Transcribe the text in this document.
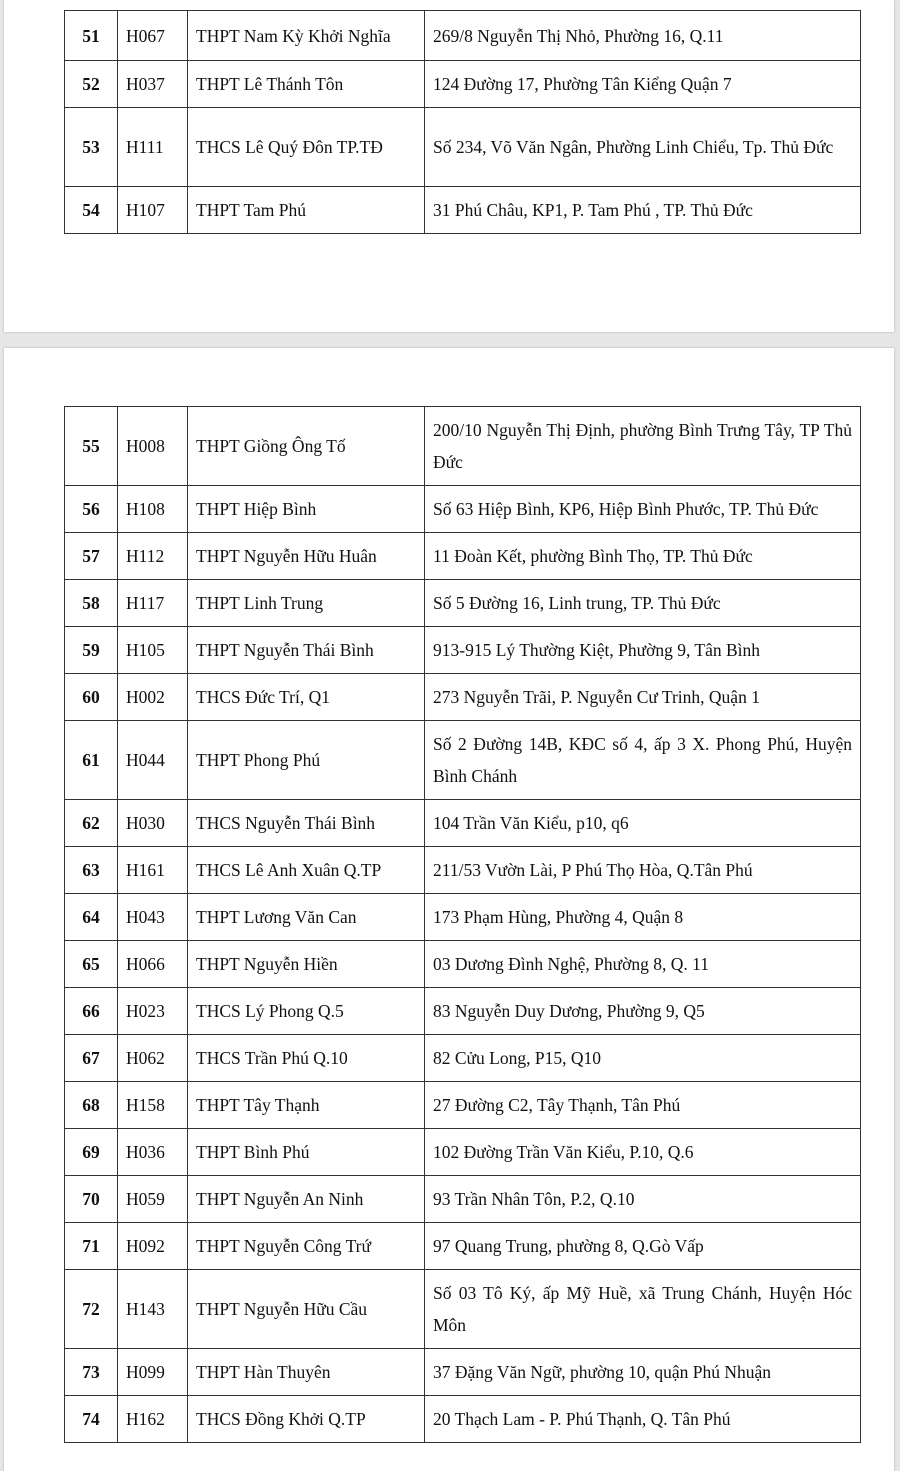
51	H067	THPT Nam Kỳ Khởi Nghĩa	269/8 Nguyễn Thị Nhỏ, Phường 16, Q.11
52	H037	THPT Lê Thánh Tôn	124 Đường 17, Phường Tân Kiểng Quận 7
53	H111	THCS Lê Quý Đôn TP.TĐ	Số 234, Võ Văn Ngân, Phường Linh Chiểu, Tp. Thủ Đức
54	H107	THPT Tam Phú	31 Phú Châu, KP1, P. Tam Phú , TP. Thủ Đức
55	H008	THPT Giồng Ông Tố	200/10 Nguyễn Thị Định, phường Bình Trưng Tây, TP Thủ Đức
56	H108	THPT Hiệp Bình	Số 63 Hiệp Bình, KP6, Hiệp Bình Phước, TP. Thủ Đức
57	H112	THPT Nguyễn Hữu Huân	11 Đoàn Kết, phường Bình Thọ, TP. Thủ Đức
58	H117	THPT Linh Trung	Số 5 Đường 16, Linh trung, TP. Thủ Đức
59	H105	THPT Nguyễn Thái Bình	913-915 Lý Thường Kiệt, Phường 9, Tân Bình
60	H002	THCS Đức Trí, Q1	273 Nguyễn Trãi, P. Nguyễn Cư Trinh, Quận 1
61	H044	THPT Phong Phú	Số 2 Đường 14B, KĐC số 4, ấp 3 X. Phong Phú, Huyện Bình Chánh
62	H030	THCS Nguyễn Thái Bình	104 Trần Văn Kiểu, p10, q6
63	H161	THCS Lê Anh Xuân Q.TP	211/53 Vườn Lài, P Phú Thọ Hòa, Q.Tân Phú
64	H043	THPT Lương Văn Can	173 Phạm Hùng, Phường 4, Quận 8
65	H066	THPT Nguyễn Hiền	03 Dương Đình Nghệ, Phường 8, Q. 11
66	H023	THCS Lý Phong Q.5	83 Nguyễn Duy Dương, Phường 9, Q5
67	H062	THCS Trần Phú Q.10	82 Cửu Long, P15, Q10
68	H158	THPT Tây Thạnh	27 Đường C2, Tây Thạnh, Tân Phú
69	H036	THPT Bình Phú	102 Đường Trần Văn Kiểu, P.10, Q.6
70	H059	THPT Nguyễn An Ninh	93 Trần Nhân Tôn, P.2, Q.10
71	H092	THPT Nguyễn Công Trứ	97 Quang Trung, phường 8, Q.Gò Vấp
72	H143	THPT Nguyễn Hữu Cầu	Số 03 Tô Ký, ấp Mỹ Huề, xã Trung Chánh, Huyện Hóc Môn
73	H099	THPT Hàn Thuyên	37 Đặng Văn Ngữ, phường 10, quận Phú Nhuận
74	H162	THCS Đồng Khởi Q.TP	20 Thạch Lam - P. Phú Thạnh, Q. Tân Phú
